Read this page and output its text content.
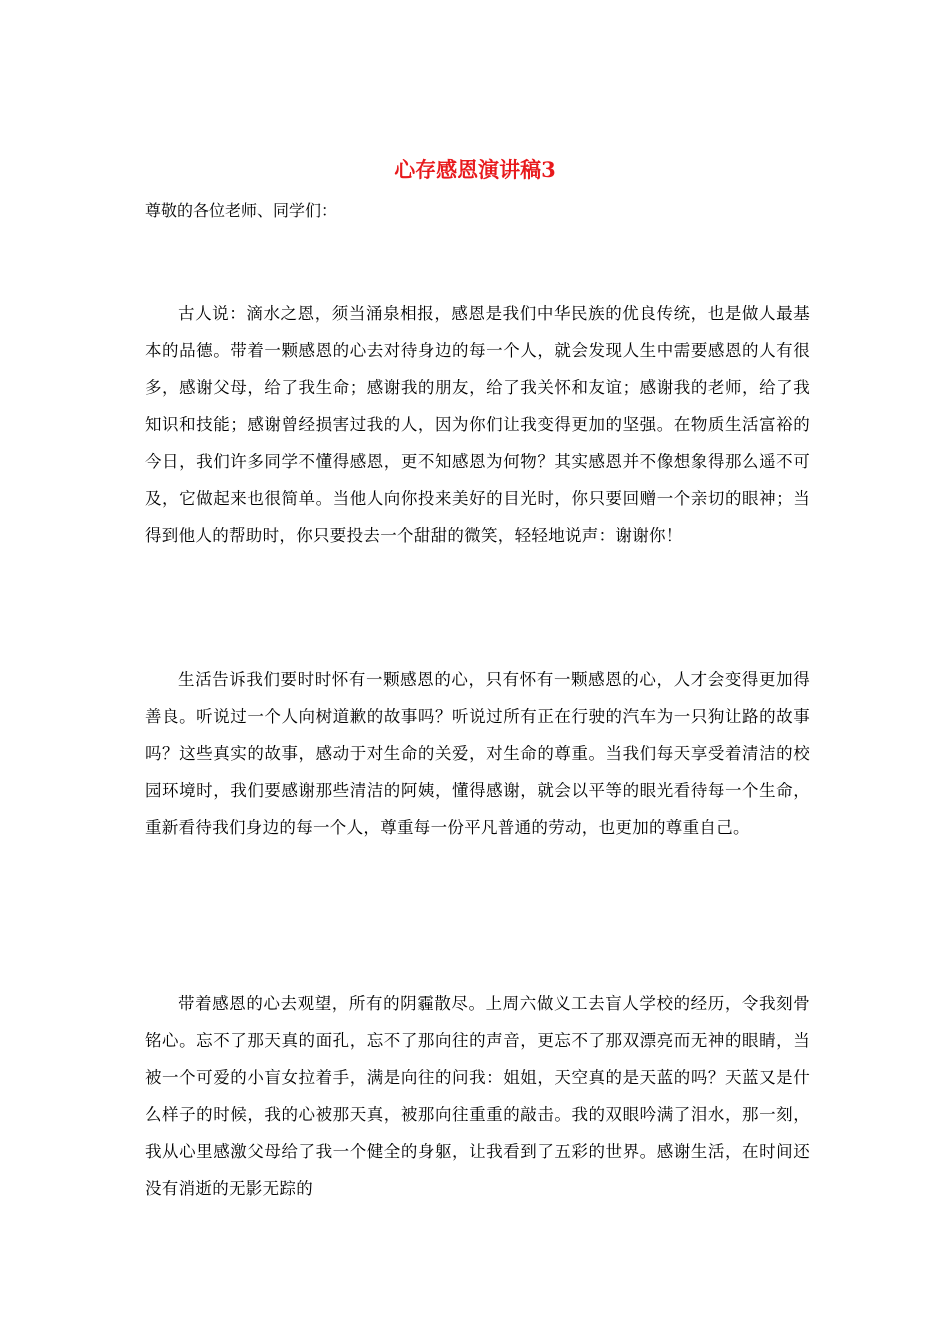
心存感恩演讲稿3

尊敬的各位老师、同学们：

古人说：滴水之恩，须当涌泉相报，感恩是我们中华民族的优良传统，也是做人最基本的品德。带着一颗感恩的心去对待身边的每一个人，就会发现人生中需要感恩的人有很多，感谢父母，给了我生命；感谢我的朋友，给了我关怀和友谊；感谢我的老师，给了我知识和技能；感谢曾经损害过我的人，因为你们让我变得更加的坚强。在物质生活富裕的今日，我们许多同学不懂得感恩，更不知感恩为何物？其实感恩并不像想象得那么遥不可及，它做起来也很简单。当他人向你投来美好的目光时，你只要回赠一个亲切的眼神；当得到他人的帮助时，你只要投去一个甜甜的微笑，轻轻地说声：谢谢你！

生活告诉我们要时时怀有一颗感恩的心，只有怀有一颗感恩的心，人才会变得更加得善良。听说过一个人向树道歉的故事吗？听说过所有正在行驶的汽车为一只狗让路的故事吗？这些真实的故事，感动于对生命的关爱，对生命的尊重。当我们每天享受着清洁的校园环境时，我们要感谢那些清洁的阿姨，懂得感谢，就会以平等的眼光看待每一个生命，重新看待我们身边的每一个人，尊重每一份平凡普通的劳动，也更加的尊重自己。

带着感恩的心去观望，所有的阴霾散尽。上周六做义工去盲人学校的经历，令我刻骨铭心。忘不了那天真的面孔，忘不了那向往的声音，更忘不了那双漂亮而无神的眼睛，当被一个可爱的小盲女拉着手，满是向往的问我：姐姐，天空真的是天蓝的吗？天蓝又是什么样子的时候，我的心被那天真，被那向往重重的敲击。我的双眼吟满了泪水，那一刻，我从心里感激父母给了我一个健全的身躯，让我看到了五彩的世界。感谢生活，在时间还没有消逝的无影无踪的
